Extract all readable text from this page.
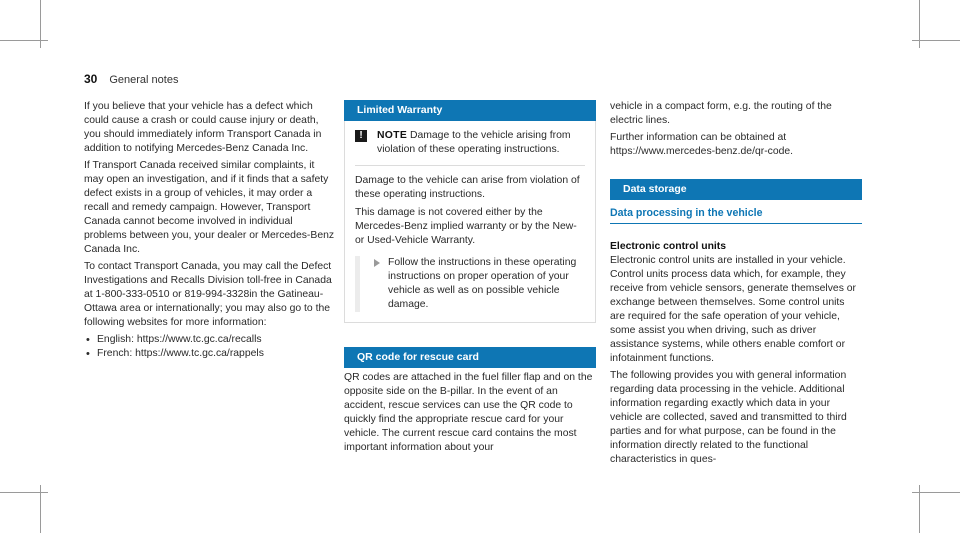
30 General notes

If you believe that your vehicle has a defect which could cause a crash or could cause injury or death, you should immediately inform Transport Canada in addition to notifying Mercedes-Benz Canada Inc.

If Transport Canada received similar complaints, it may open an investigation, and if it finds that a safety defect exists in a group of vehicles, it may order a recall and remedy campaign. However, Transport Canada cannot become involved in individual problems between you, your dealer or Mercedes-Benz Canada Inc.

To contact Transport Canada, you may call the Defect Investigations and Recalls Division toll-free in Canada at 1-800-333-0510 or 819-994-3328in the Gatineau-Ottawa area or internationally; you may also go to the following websites for more information:

• English: https://www.tc.gc.ca/recalls
• French: https://www.tc.gc.ca/rappels
Limited Warranty
!	NOTE Damage to the vehicle arising from violation of these operating instructions.

Damage to the vehicle can arise from violation of these operating instructions.

This damage is not covered either by the Mercedes-Benz implied warranty or by the New- or Used-Vehicle Warranty.

Follow the instructions in these operating instructions on proper operation of your vehicle as well as on possible vehicle damage.
QR code for rescue card

QR codes are attached in the fuel filler flap and on the opposite side on the B-pillar. In the event of an accident, rescue services can use the QR code to quickly find the appropriate rescue card for your vehicle. The current rescue card contains the most important information about your

vehicle in a compact form, e.g. the routing of the electric lines.

Further information can be obtained at https://www.mercedes-benz.de/qr-code.

Data storage
Data processing in the vehicle
Electronic control units

Electronic control units are installed in your vehicle. Control units process data which, for example, they receive from vehicle sensors, generate themselves or exchange between themselves. Some control units are required for the safe operation of your vehicle, some assist you when driving, such as driver assistance systems, while others enable comfort or infotainment functions.

The following provides you with general information regarding data processing in the vehicle. Additional information regarding exactly which data in your vehicle are collected, saved and transmitted to third parties and for what purpose, can be found in the information directly related to the functional characteristics in ques-
